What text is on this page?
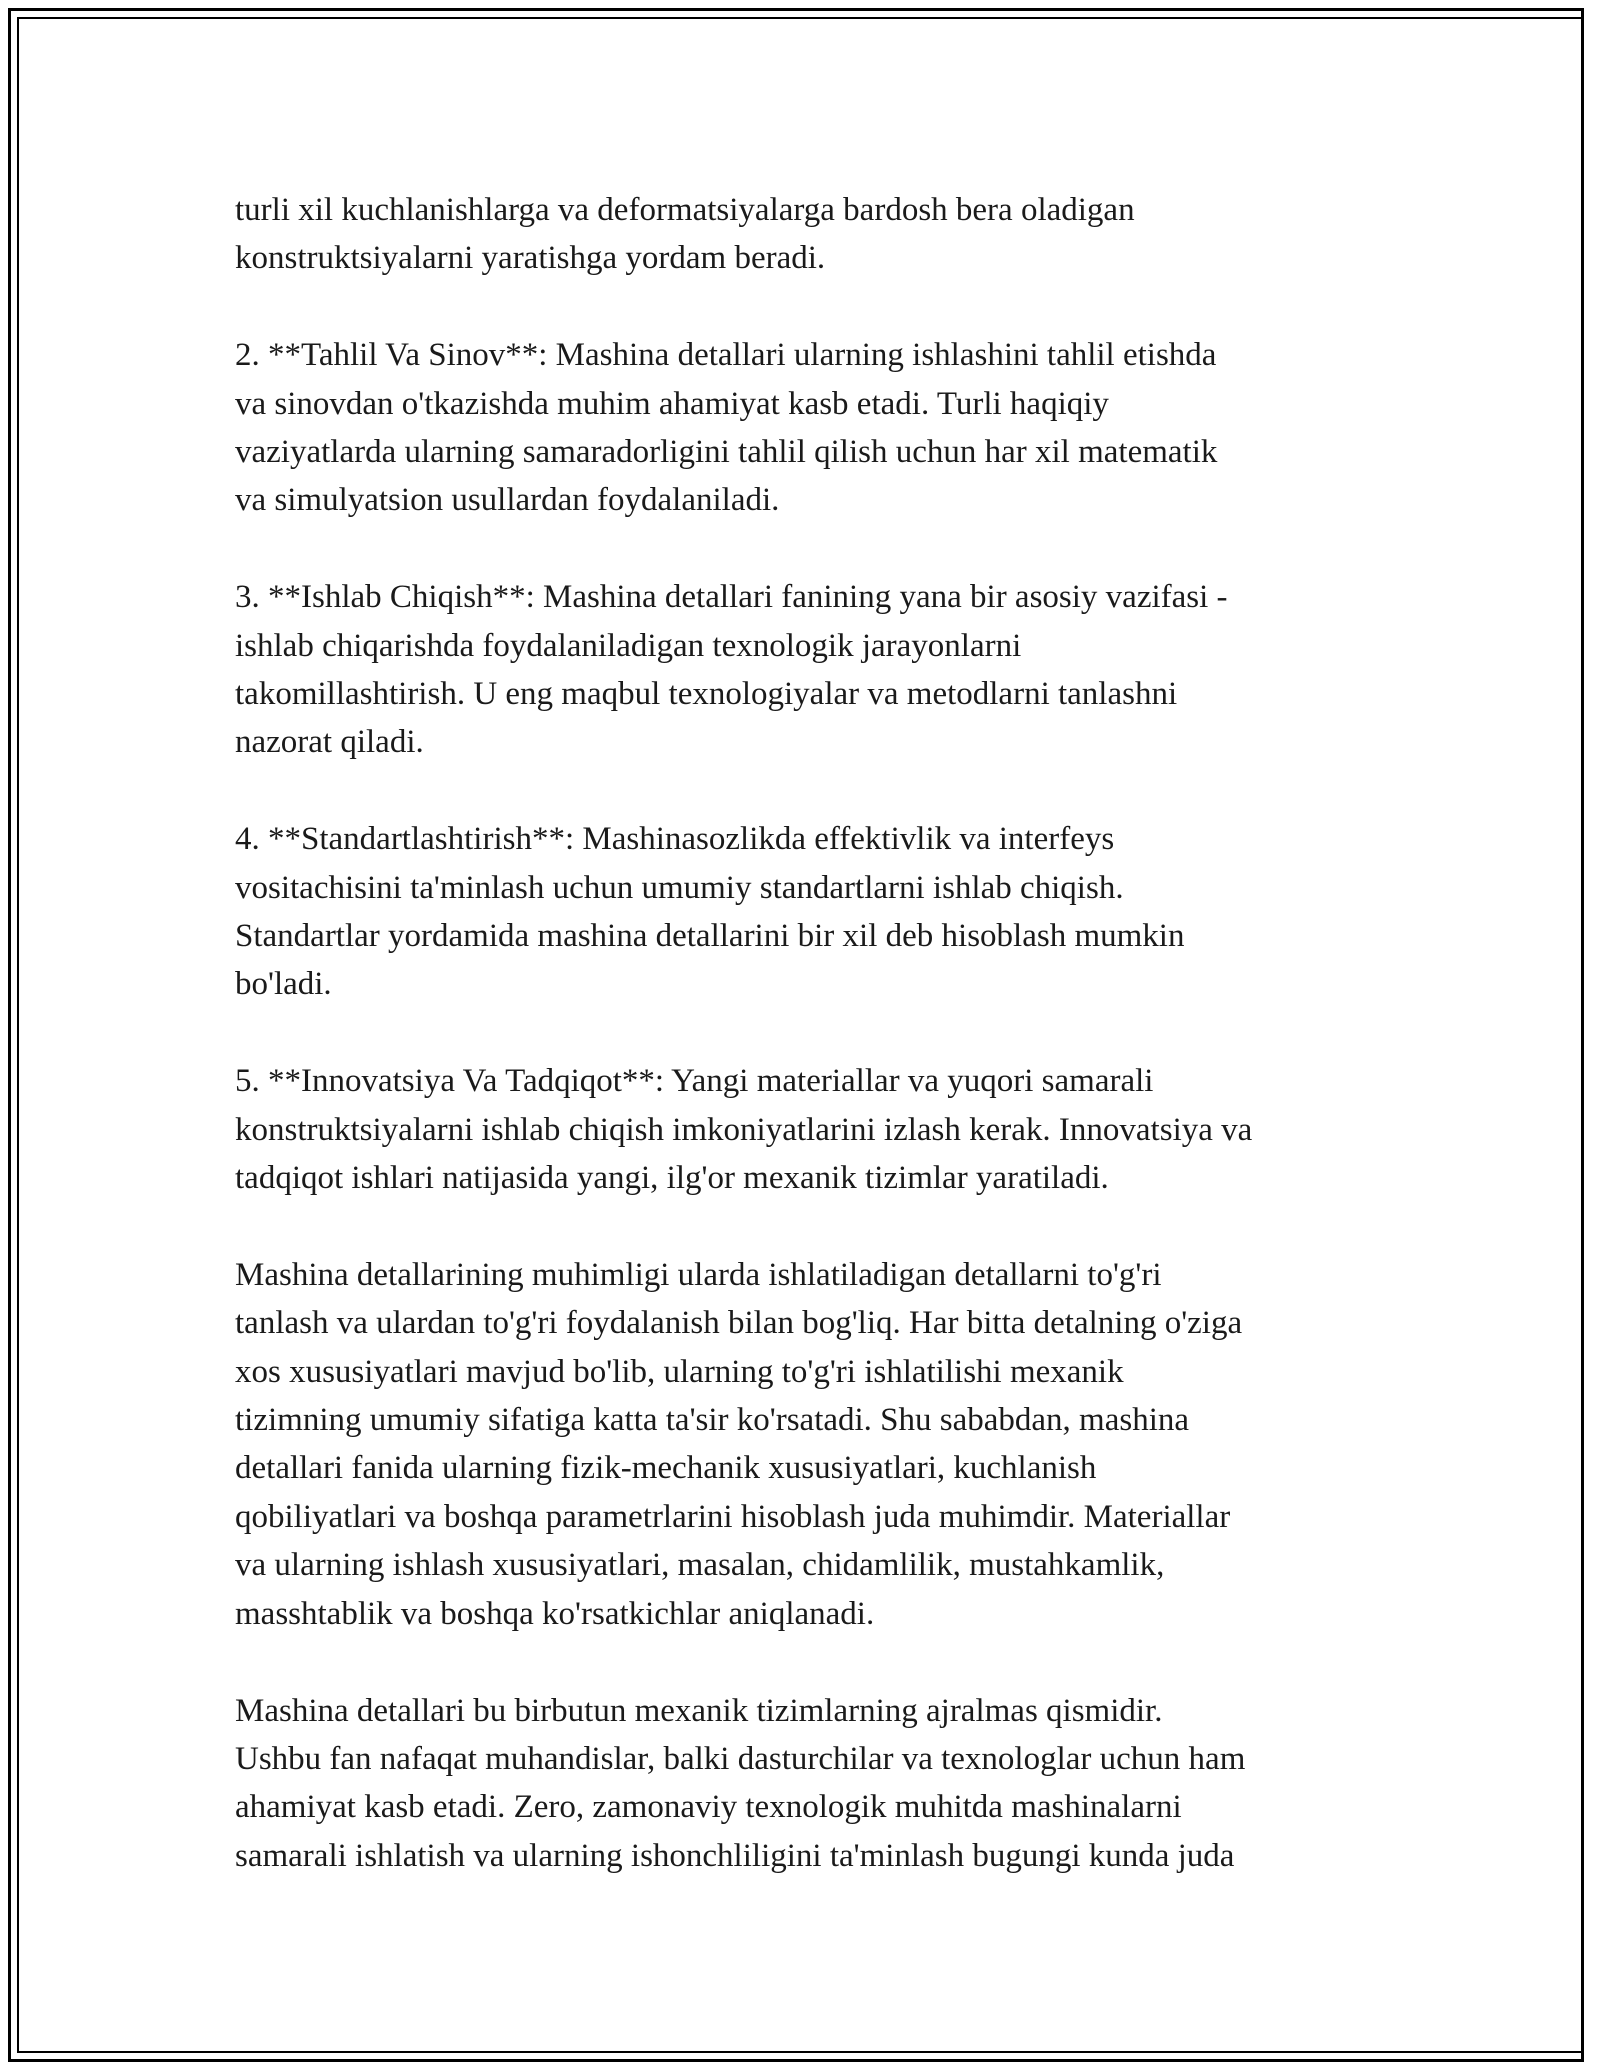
turli xil kuchlanishlarga va deformatsiyalarga bardosh bera oladigan
konstruktsiyalarni yaratishga yordam beradi.
2. **Tahlil Va Sinov**: Mashina detallari ularning ishlashini tahlil etishda
va sinovdan o'tkazishda muhim ahamiyat kasb etadi. Turli haqiqiy
vaziyatlarda ularning samaradorligini tahlil qilish uchun har xil matematik
va simulyatsion usullardan foydalaniladi.
3. **Ishlab Chiqish**: Mashina detallari fanining yana bir asosiy vazifasi -
ishlab chiqarishda foydalaniladigan texnologik jarayonlarni
takomillashtirish. U eng maqbul texnologiyalar va metodlarni tanlashni
nazorat qiladi.
4. **Standartlashtirish**: Mashinasozlikda effektivlik va interfeys
vositachisini ta'minlash uchun umumiy standartlarni ishlab chiqish.
Standartlar yordamida mashina detallarini bir xil deb hisoblash mumkin
bo'ladi.
5. **Innovatsiya Va Tadqiqot**: Yangi materiallar va yuqori samarali
konstruktsiyalarni ishlab chiqish imkoniyatlarini izlash kerak. Innovatsiya va
tadqiqot ishlari natijasida yangi, ilg'or mexanik tizimlar yaratiladi.
Mashina detallarining muhimligi ularda ishlatiladigan detallarni to'g'ri
tanlash va ulardan to'g'ri foydalanish bilan bog'liq. Har bitta detalning o'ziga
xos xususiyatlari mavjud bo'lib, ularning to'g'ri ishlatilishi mexanik
tizimning umumiy sifatiga katta ta'sir ko'rsatadi. Shu sababdan, mashina
detallari fanida ularning fizik-mechanik xususiyatlari, kuchlanish
qobiliyatlari va boshqa parametrlarini hisoblash juda muhimdir. Materiallar
va ularning ishlash xususiyatlari, masalan, chidamlilik, mustahkamlik,
masshtablik va boshqa ko'rsatkichlar aniqlanadi.
Mashina detallari bu birbutun mexanik tizimlarning ajralmas qismidir.
Ushbu fan nafaqat muhandislar, balki dasturchilar va texnologlar uchun ham
ahamiyat kasb etadi. Zero, zamonaviy texnologik muhitda mashinalarni
samarali ishlatish va ularning ishonchliligini ta'minlash bugungi kunda juda
